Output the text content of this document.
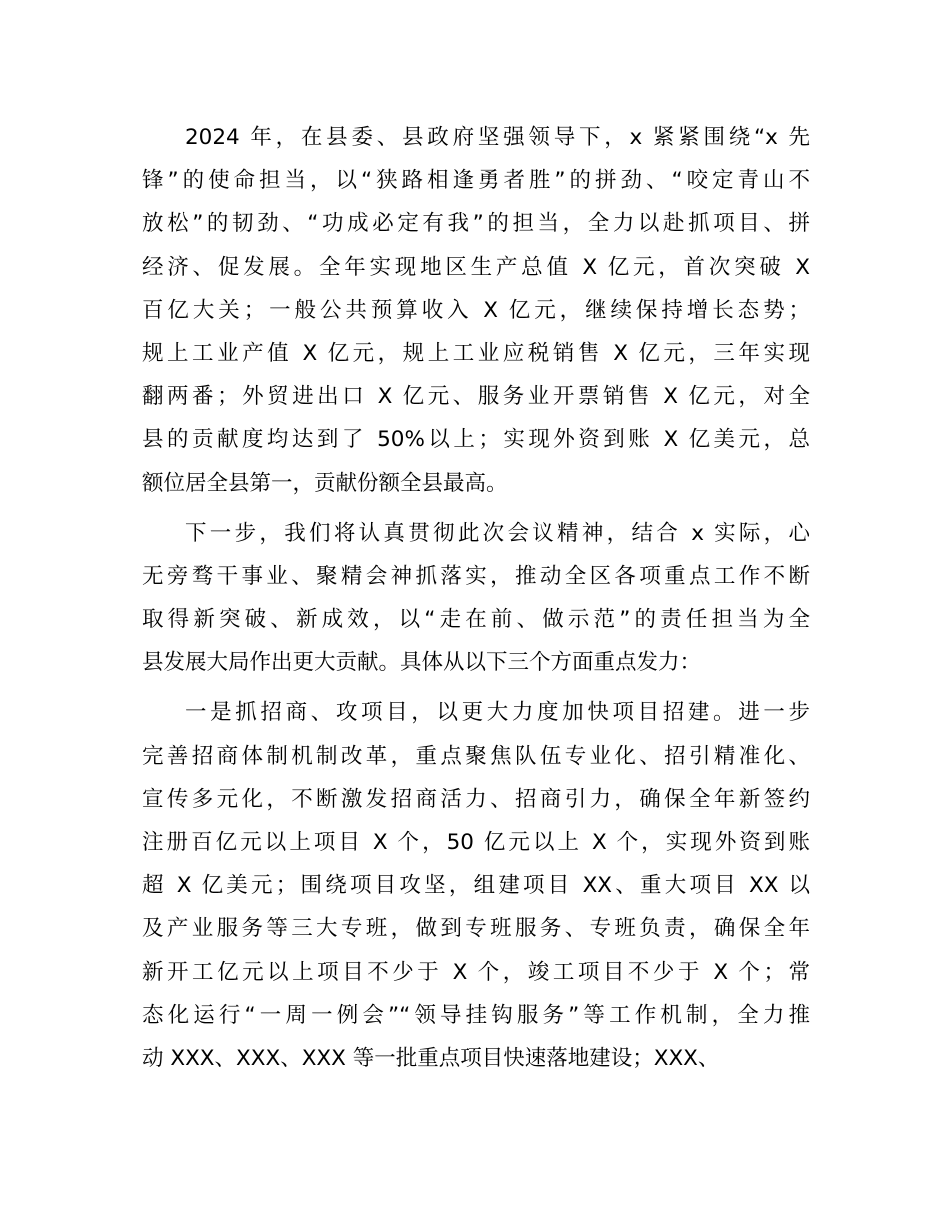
2024 年，在县委、县政府坚强领导下，x 紧紧围绕“x 先
锋”的使命担当，以“狭路相逢勇者胜”的拼劲、“咬定青山不
放松”的韧劲、“功成必定有我”的担当，全力以赴抓项目、拼
经济、促发展。全年实现地区生产总值 X 亿元，首次突破 X
百亿大关；一般公共预算收入 X 亿元，继续保持增长态势；
规上工业产值 X 亿元，规上工业应税销售 X 亿元，三年实现
翻两番；外贸进出口 X 亿元、服务业开票销售 X 亿元，对全
县的贡献度均达到了 50%以上；实现外资到账 X 亿美元，总
额位居全县第一，贡献份额全县最高。
下一步，我们将认真贯彻此次会议精神，结合 x 实际，心
无旁骛干事业、聚精会神抓落实，推动全区各项重点工作不断
取得新突破、新成效，以“走在前、做示范”的责任担当为全
县发展大局作出更大贡献。具体从以下三个方面重点发力：
一是抓招商、攻项目，以更大力度加快项目招建。进一步
完善招商体制机制改革，重点聚焦队伍专业化、招引精准化、
宣传多元化，不断激发招商活力、招商引力，确保全年新签约
注册百亿元以上项目 X 个，50 亿元以上 X 个，实现外资到账
超 X 亿美元；围绕项目攻坚，组建项目 XX、重大项目 XX 以
及产业服务等三大专班，做到专班服务、专班负责，确保全年
新开工亿元以上项目不少于 X 个，竣工项目不少于 X 个；常
态化运行“一周一例会”“领导挂钩服务”等工作机制，全力推
动 XXX、XXX、XXX 等一批重点项目快速落地建设；XXX、
